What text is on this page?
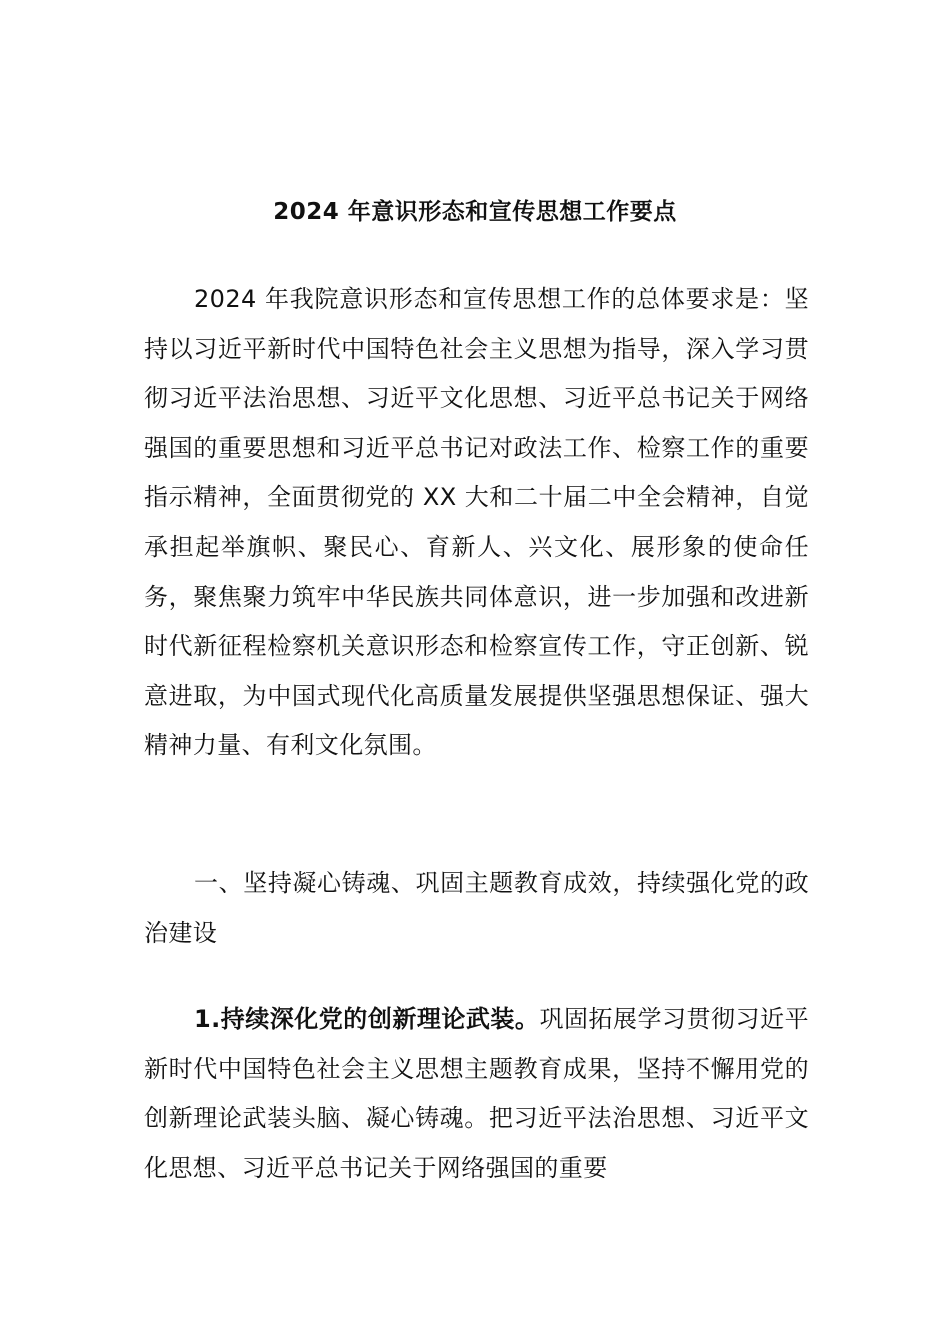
2024 年意识形态和宣传思想工作要点

2024 年我院意识形态和宣传思想工作的总体要求是：坚持以习近平新时代中国特色社会主义思想为指导，深入学习贯彻习近平法治思想、习近平文化思想、习近平总书记关于网络强国的重要思想和习近平总书记对政法工作、检察工作的重要指示精神，全面贯彻党的 XX 大和二十届二中全会精神，自觉承担起举旗帜、聚民心、育新人、兴文化、展形象的使命任务，聚焦聚力筑牢中华民族共同体意识，进一步加强和改进新时代新征程检察机关意识形态和检察宣传工作，守正创新、锐意进取，为中国式现代化高质量发展提供坚强思想保证、强大精神力量、有利文化氛围。

一、坚持凝心铸魂、巩固主题教育成效，持续强化党的政治建设

1.持续深化党的创新理论武装。巩固拓展学习贯彻习近平新时代中国特色社会主义思想主题教育成果，坚持不懈用党的创新理论武装头脑、凝心铸魂。把习近平法治思想、习近平文化思想、习近平总书记关于网络强国的重要
